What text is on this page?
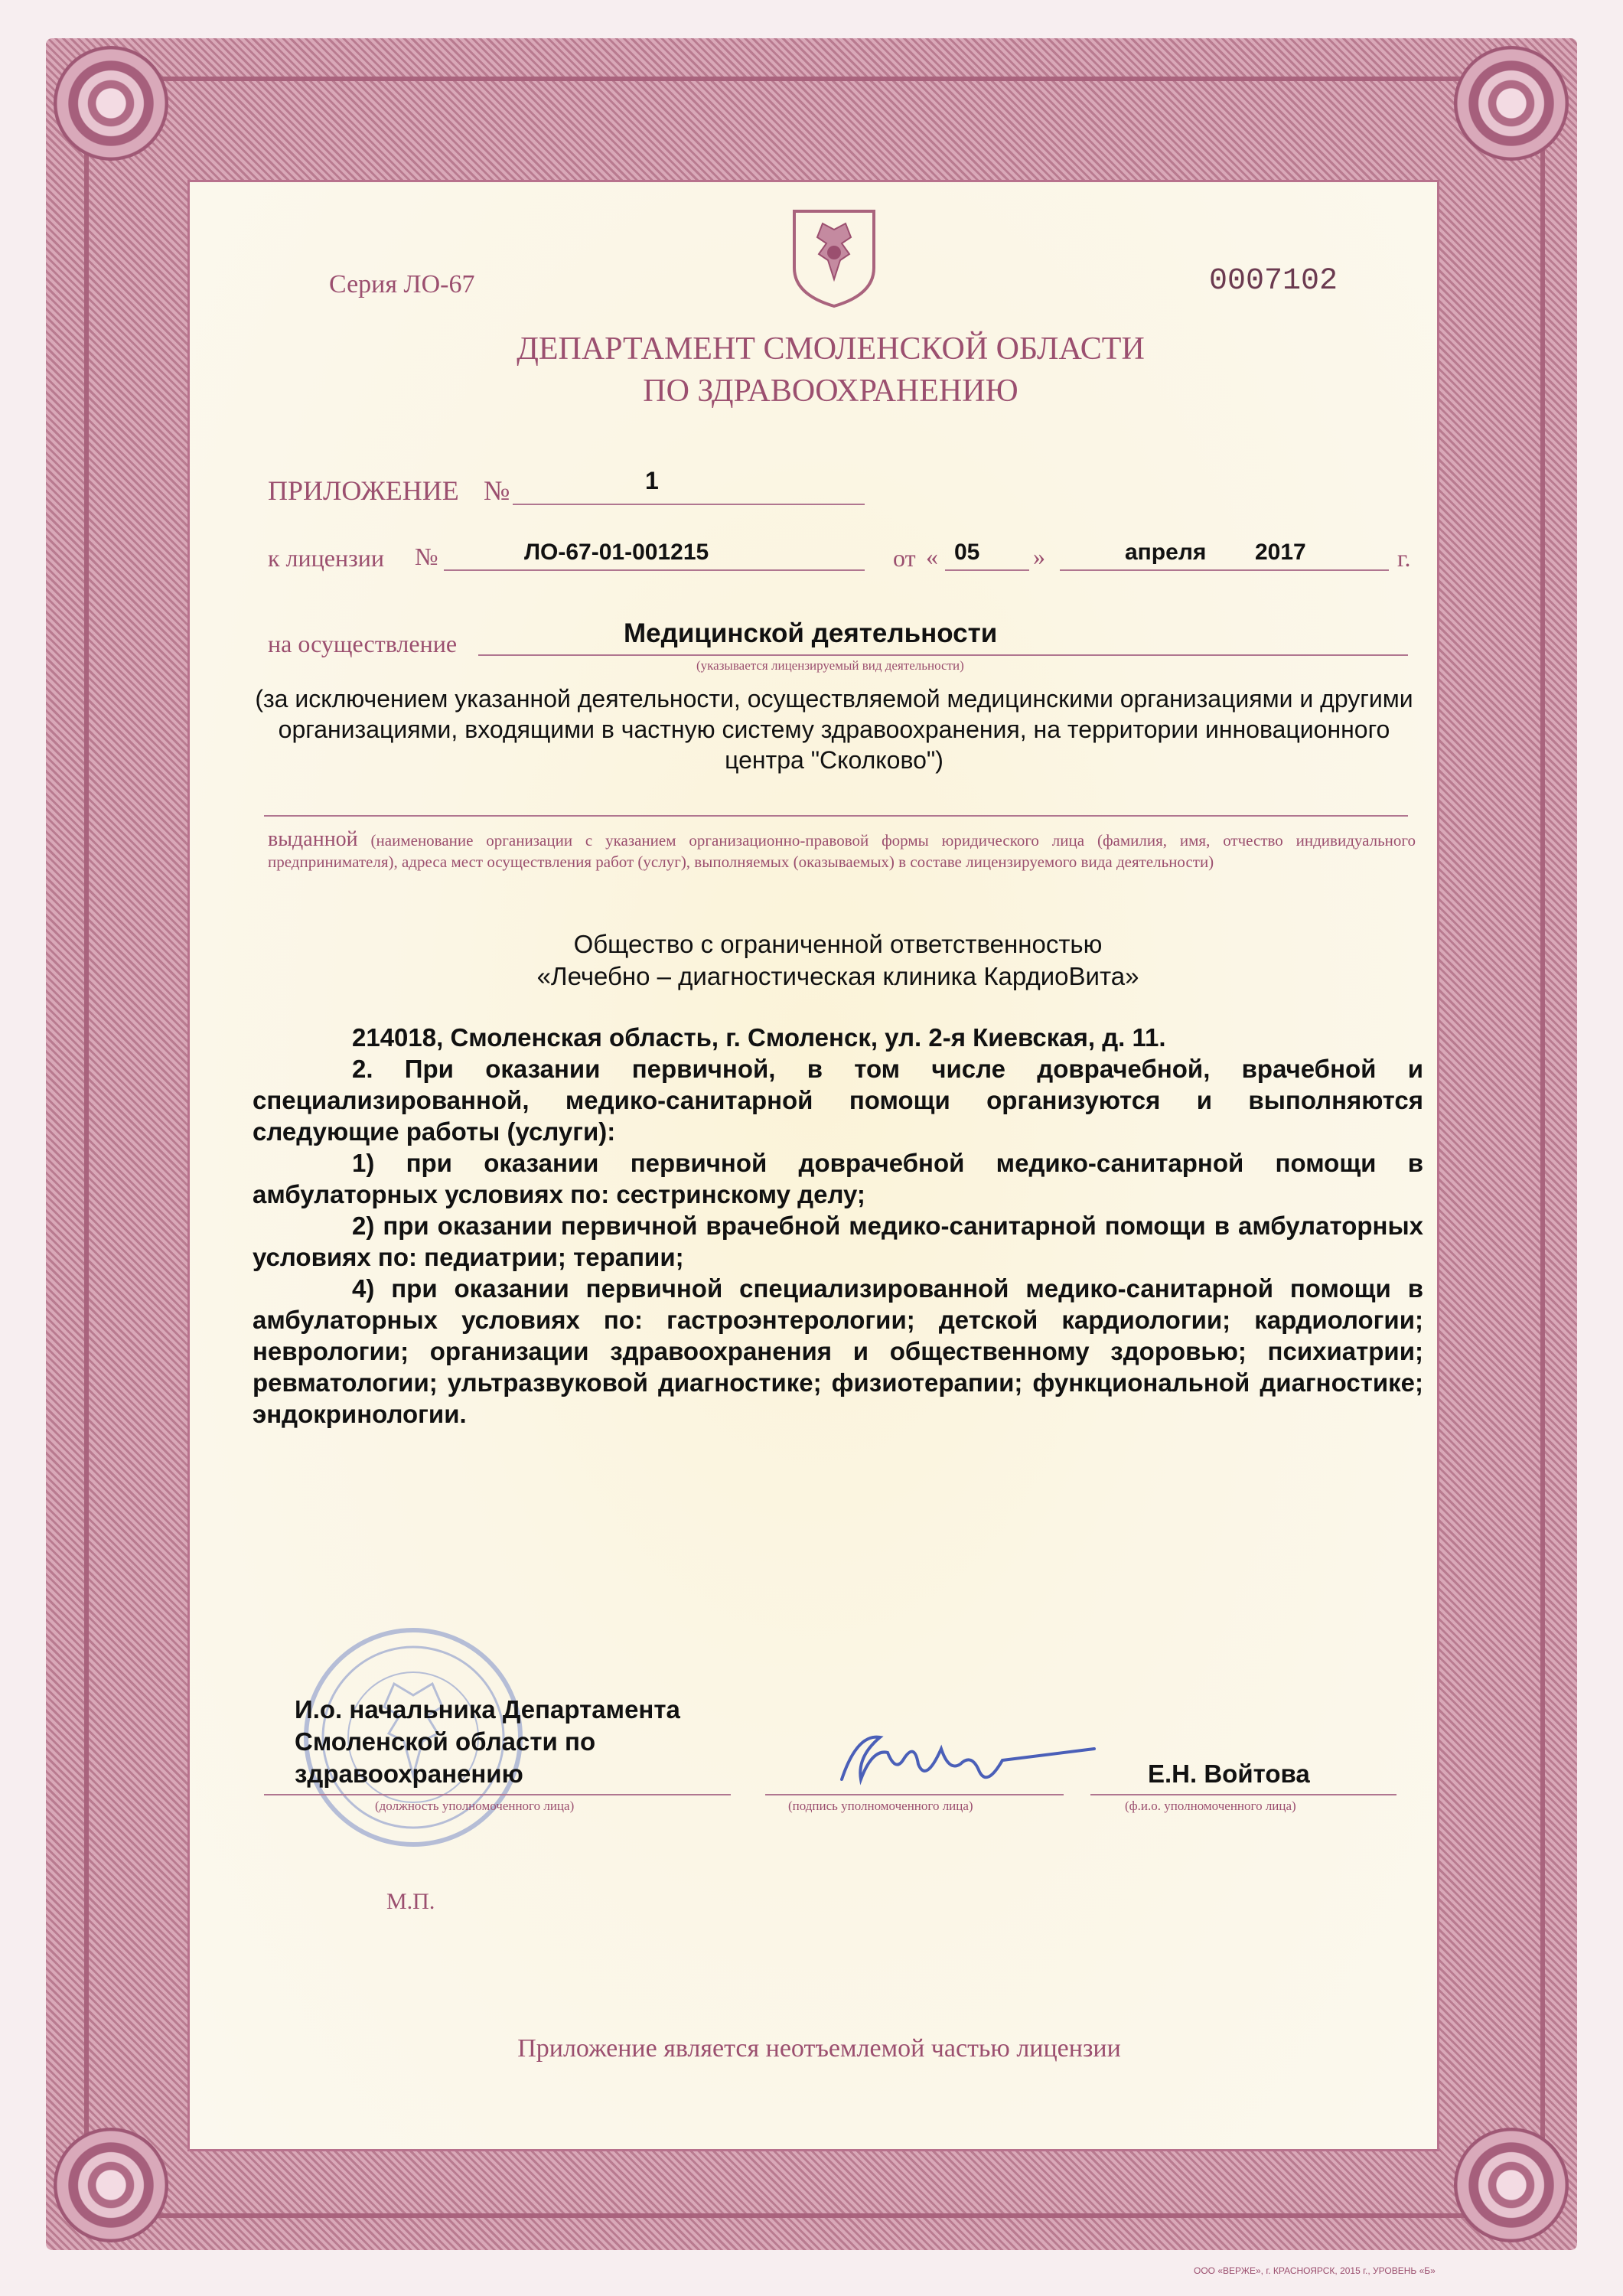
Серия ЛО-67	0007102
ДЕПАРТАМЕНТ СМОЛЕНСКОЙ ОБЛАСТИ
ПО ЗДРАВООХРАНЕНИЮ
ПРИЛОЖЕНИЕ №	1
к лицензии №	ЛО-67-01-001215	от « 05 »	апреля 2017	г.
на осуществление	Медицинской деятельности
(указывается лицензируемый вид деятельности)
(за исключением указанной деятельности, осуществляемой медицинскими организациями и другими организациями, входящими в частную систему здравоохранения, на территории инновационного центра "Сколково")
выданной (наименование организации с указанием организационно-правовой формы юридического лица (фамилия, имя, отчество индивидуального предпринимателя), адреса мест осуществления работ (услуг), выполняемых (оказываемых) в составе лицензируемого вида деятельности)
Общество с ограниченной ответственностью
«Лечебно – диагностическая клиника КардиоВита»

214018, Смоленская область, г. Смоленск, ул. 2-я Киевская, д. 11.

2. При оказании первичной, в том числе доврачебной, врачебной и специализированной, медико-санитарной помощи организуются и выполняются следующие работы (услуги):

1) при оказании первичной доврачебной медико-санитарной помощи в амбулаторных условиях по: сестринскому делу;

2) при оказании первичной врачебной медико-санитарной помощи в амбулаторных условиях по: педиатрии; терапии;

4) при оказании первичной специализированной медико-санитарной помощи в амбулаторных условиях по: гастроэнтерологии; детской кардиологии; кардиологии; неврологии; организации здравоохранения и общественному здоровью; психиатрии; ревматологии; ультразвуковой диагностике; физиотерапии; функциональной диагностике; эндокринологии.

И.о. начальника Департамента
Смоленской области по
здравоохранению
(должность уполномоченного лица)	(подпись уполномоченного лица)
Е.Н. Войтова
(ф.и.о. уполномоченного лица)
М.П.
Приложение является неотъемлемой частью лицензии
ООО «ВЕРЖЕ», г. КРАСНОЯРСК, 2015 г., УРОВЕНЬ «Б»
